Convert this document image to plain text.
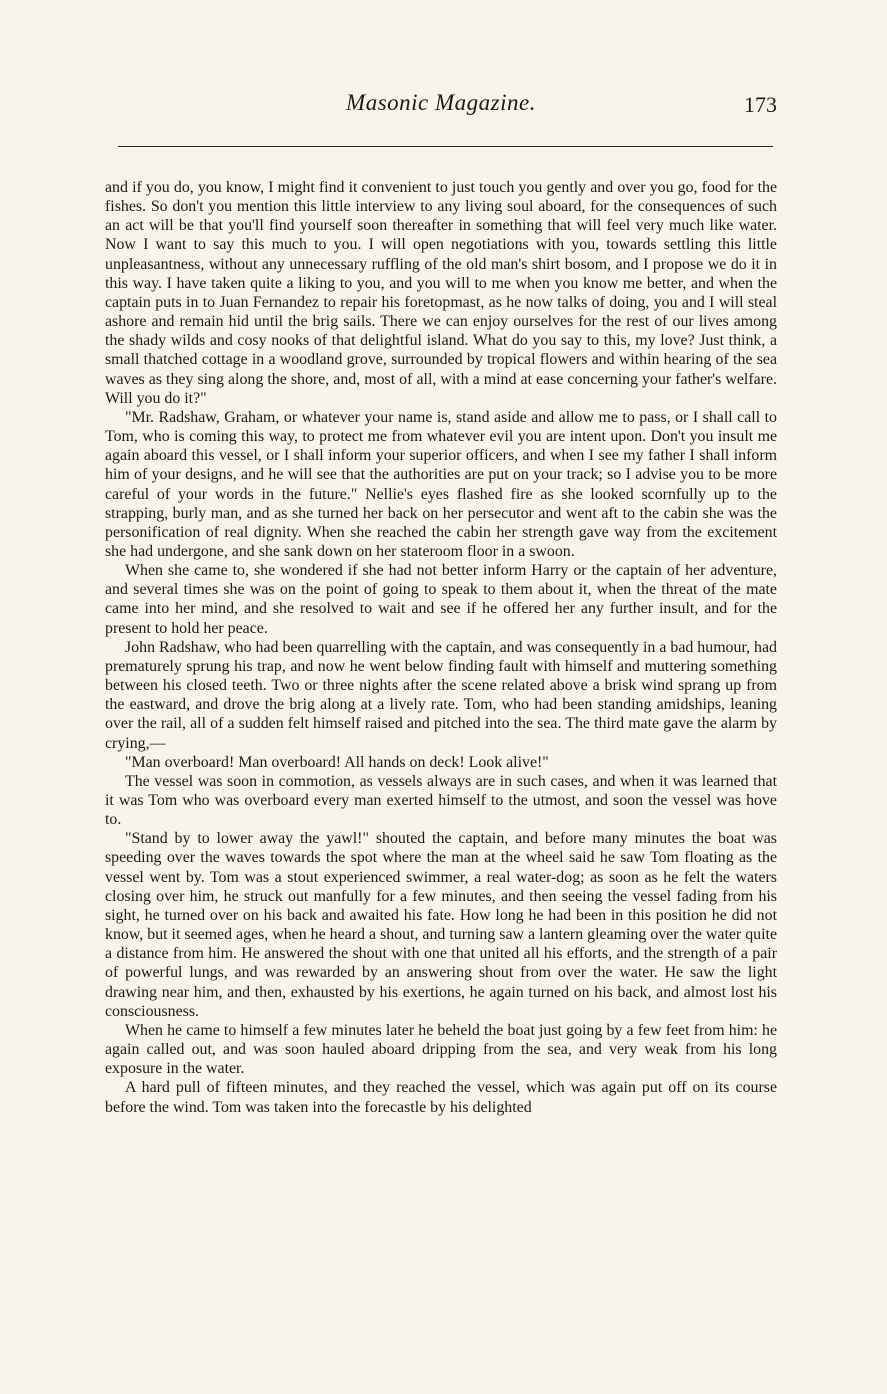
Masonic Magazine.	173

and if you do, you know, I might find it convenient to just touch you gently and over you go, food for the fishes. So don't you mention this little interview to any living soul aboard, for the consequences of such an act will be that you'll find yourself soon thereafter in something that will feel very much like water. Now I want to say this much to you. I will open negotiations with you, towards settling this little unpleasantness, without any unnecessary ruffling of the old man's shirt bosom, and I propose we do it in this way. I have taken quite a liking to you, and you will to me when you know me better, and when the captain puts in to Juan Fernandez to repair his foretopmast, as he now talks of doing, you and I will steal ashore and remain hid until the brig sails. There we can enjoy ourselves for the rest of our lives among the shady wilds and cosy nooks of that delightful island. What do you say to this, my love? Just think, a small thatched cottage in a woodland grove, surrounded by tropical flowers and within hearing of the sea waves as they sing along the shore, and, most of all, with a mind at ease concerning your father's welfare. Will you do it?"

"Mr. Radshaw, Graham, or whatever your name is, stand aside and allow me to pass, or I shall call to Tom, who is coming this way, to protect me from whatever evil you are intent upon. Don't you insult me again aboard this vessel, or I shall inform your superior officers, and when I see my father I shall inform him of your designs, and he will see that the authorities are put on your track; so I advise you to be more careful of your words in the future." Nellie's eyes flashed fire as she looked scornfully up to the strapping, burly man, and as she turned her back on her persecutor and went aft to the cabin she was the personification of real dignity. When she reached the cabin her strength gave way from the excitement she had undergone, and she sank down on her stateroom floor in a swoon.

When she came to, she wondered if she had not better inform Harry or the captain of her adventure, and several times she was on the point of going to speak to them about it, when the threat of the mate came into her mind, and she resolved to wait and see if he offered her any further insult, and for the present to hold her peace.

John Radshaw, who had been quarrelling with the captain, and was consequently in a bad humour, had prematurely sprung his trap, and now he went below finding fault with himself and muttering something between his closed teeth. Two or three nights after the scene related above a brisk wind sprang up from the eastward, and drove the brig along at a lively rate. Tom, who had been standing amidships, leaning over the rail, all of a sudden felt himself raised and pitched into the sea. The third mate gave the alarm by crying,—

"Man overboard! Man overboard! All hands on deck! Look alive!"

The vessel was soon in commotion, as vessels always are in such cases, and when it was learned that it was Tom who was overboard every man exerted himself to the utmost, and soon the vessel was hove to.

"Stand by to lower away the yawl!" shouted the captain, and before many minutes the boat was speeding over the waves towards the spot where the man at the wheel said he saw Tom floating as the vessel went by. Tom was a stout experienced swimmer, a real water-dog; as soon as he felt the waters closing over him, he struck out manfully for a few minutes, and then seeing the vessel fading from his sight, he turned over on his back and awaited his fate. How long he had been in this position he did not know, but it seemed ages, when he heard a shout, and turning saw a lantern gleaming over the water quite a distance from him. He answered the shout with one that united all his efforts, and the strength of a pair of powerful lungs, and was rewarded by an answering shout from over the water. He saw the light drawing near him, and then, exhausted by his exertions, he again turned on his back, and almost lost his consciousness.

When he came to himself a few minutes later he beheld the boat just going by a few feet from him: he again called out, and was soon hauled aboard dripping from the sea, and very weak from his long exposure in the water.

A hard pull of fifteen minutes, and they reached the vessel, which was again put off on its course before the wind. Tom was taken into the forecastle by his delighted
